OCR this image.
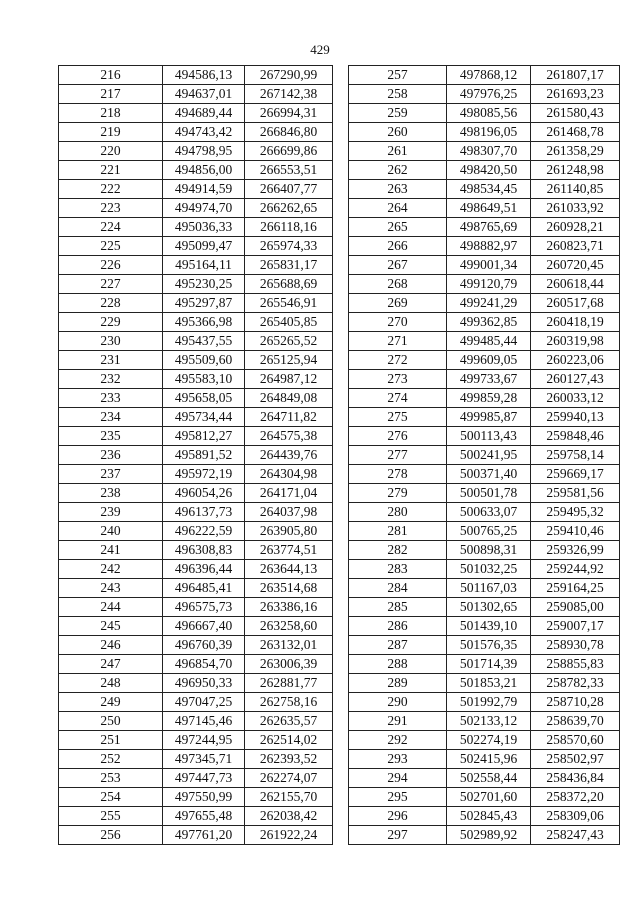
429
216	494586,13	267290,99
217	494637,01	267142,38
218	494689,44	266994,31
219	494743,42	266846,80
220	494798,95	266699,86
221	494856,00	266553,51
222	494914,59	266407,77
223	494974,70	266262,65
224	495036,33	266118,16
225	495099,47	265974,33
226	495164,11	265831,17
227	495230,25	265688,69
228	495297,87	265546,91
229	495366,98	265405,85
230	495437,55	265265,52
231	495509,60	265125,94
232	495583,10	264987,12
233	495658,05	264849,08
234	495734,44	264711,82
235	495812,27	264575,38
236	495891,52	264439,76
237	495972,19	264304,98
238	496054,26	264171,04
239	496137,73	264037,98
240	496222,59	263905,80
241	496308,83	263774,51
242	496396,44	263644,13
243	496485,41	263514,68
244	496575,73	263386,16
245	496667,40	263258,60
246	496760,39	263132,01
247	496854,70	263006,39
248	496950,33	262881,77
249	497047,25	262758,16
250	497145,46	262635,57
251	497244,95	262514,02
252	497345,71	262393,52
253	497447,73	262274,07
254	497550,99	262155,70
255	497655,48	262038,42
256	497761,20	261922,24
257	497868,12	261807,17
258	497976,25	261693,23
259	498085,56	261580,43
260	498196,05	261468,78
261	498307,70	261358,29
262	498420,50	261248,98
263	498534,45	261140,85
264	498649,51	261033,92
265	498765,69	260928,21
266	498882,97	260823,71
267	499001,34	260720,45
268	499120,79	260618,44
269	499241,29	260517,68
270	499362,85	260418,19
271	499485,44	260319,98
272	499609,05	260223,06
273	499733,67	260127,43
274	499859,28	260033,12
275	499985,87	259940,13
276	500113,43	259848,46
277	500241,95	259758,14
278	500371,40	259669,17
279	500501,78	259581,56
280	500633,07	259495,32
281	500765,25	259410,46
282	500898,31	259326,99
283	501032,25	259244,92
284	501167,03	259164,25
285	501302,65	259085,00
286	501439,10	259007,17
287	501576,35	258930,78
288	501714,39	258855,83
289	501853,21	258782,33
290	501992,79	258710,28
291	502133,12	258639,70
292	502274,19	258570,60
293	502415,96	258502,97
294	502558,44	258436,84
295	502701,60	258372,20
296	502845,43	258309,06
297	502989,92	258247,43
